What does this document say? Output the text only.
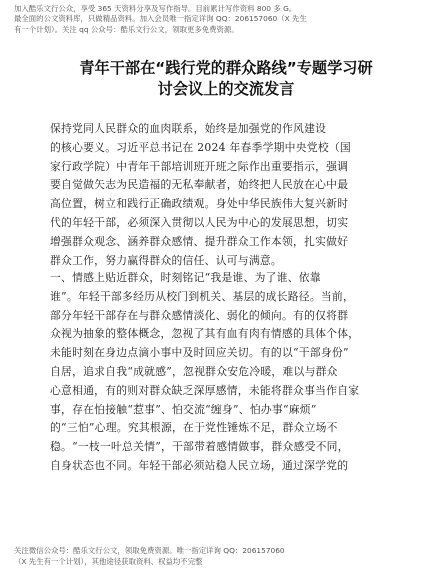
加入酷乐文行公众，享受 365 天资料分享及写作指导。目前累计写作资料 800 多 G。
最全面的公文资料库，只做精品资料。加入会员唯一指定详询 QQ：206157060（X 先生
有一个计划）。关注 qq 公众号：酷乐文行公文，领取更多免费资源。
青年干部在“践行党的群众路线”专题学习研
讨会议上的交流发言
保持党同人民群众的血肉联系，始终是加强党的作风建设
的核心要义。习近平总书记在 2024 年春季学期中央党校（国
家行政学院）中青年干部培训班开班之际作出重要指示，强调
要自觉做矢志为民造福的无私奉献者，始终把人民放在心中最
高位置，树立和践行正确政绩观。身处中华民族伟大复兴新时
代的年轻干部，必须深入贯彻以人民为中心的发展思想，切实
增强群众观念、涵养群众感情、提升群众工作本领，扎实做好
群众工作，努力赢得群众的信任、认可与满意。
一、情感上贴近群众，时刻铭记“我是谁、为了谁、依靠
谁”。年轻干部多经历从校门到机关、基层的成长路径。当前，
部分年轻干部存在与群众感情淡化、弱化的倾向。有的仅将群
众视为抽象的整体概念，忽视了其有血有肉有情感的具体个体，
未能时刻在身边点滴小事中及时回应关切。有的以“干部身份”
自居，追求自我“成就感”，忽视群众安危冷暖，难以与群众
心意相通，有的则对群众缺乏深厚感情，未能将群众事当作自家
事，存在怕接触“惹事”、怕交流“缠身”、怕办事“麻烦”
的“三怕”心理。究其根源，在于党性锤炼不足，群众立场不
稳。“一枝一叶总关情”，干部带着感情做事，群众感受不同，
自身状态也不同。年轻干部必须站稳人民立场，通过深学党的
关注微信公众号：酷乐文行公文，领取免费资源。唯一指定详询 QQ：206157060
（X 先生有一个计划），其他途径获取资料、权益均不完整
